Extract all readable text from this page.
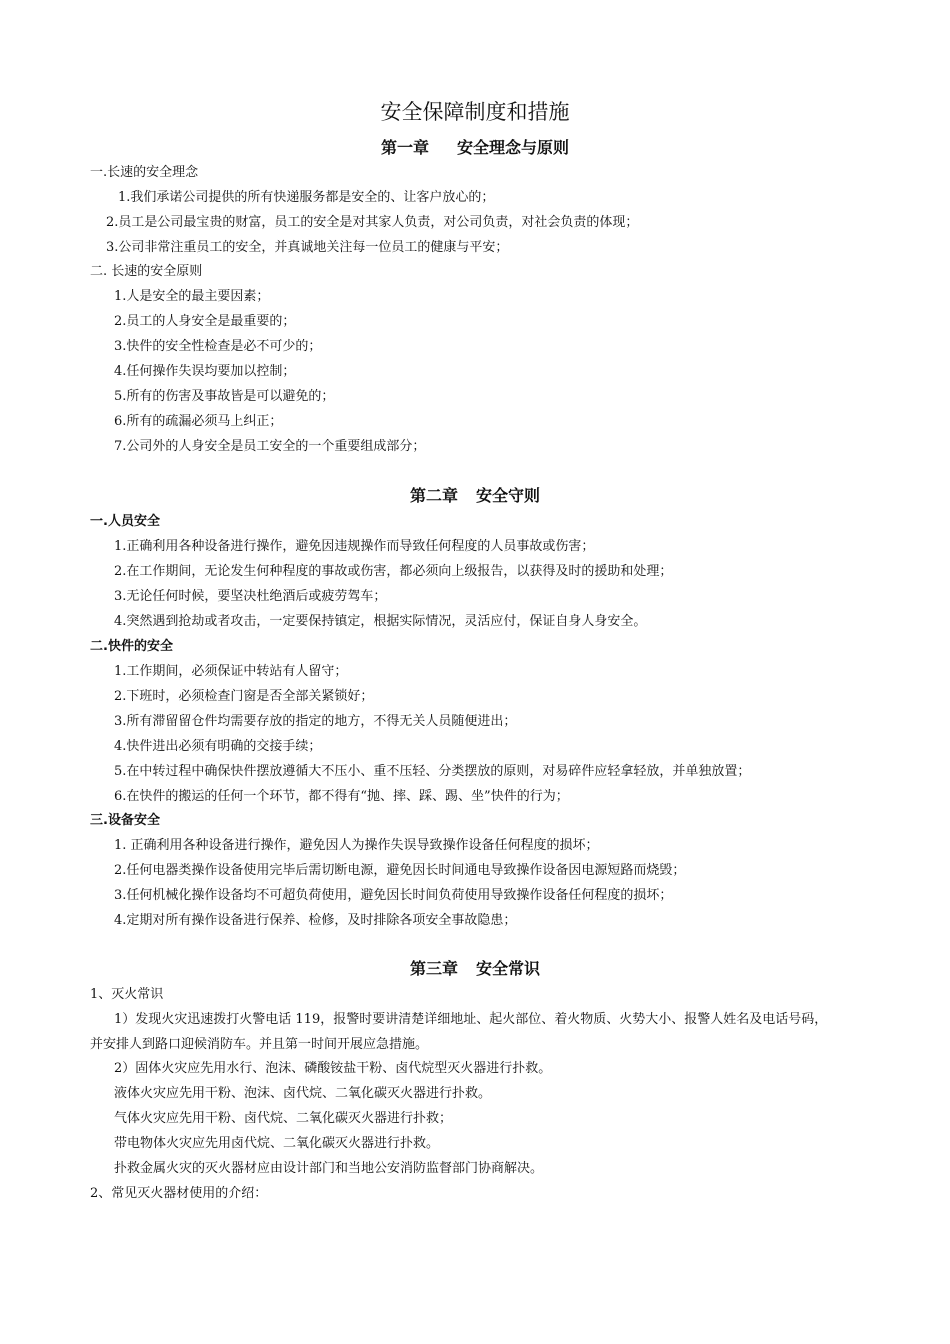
安全保障制度和措施
第一章 安全理念与原则
一.长速的安全理念
1.我们承诺公司提供的所有快递服务都是安全的、让客户放心的；
2.员工是公司最宝贵的财富，员工的安全是对其家人负责，对公司负责，对社会负责的体现；
3.公司非常注重员工的安全，并真诚地关注每一位员工的健康与平安；
二. 长速的安全原则
1.人是安全的最主要因素；
2.员工的人身安全是最重要的；
3.快件的安全性检查是必不可少的；
4.任何操作失误均要加以控制；
5.所有的伤害及事故皆是可以避免的；
6.所有的疏漏必须马上纠正；
7.公司外的人身安全是员工安全的一个重要组成部分；
第二章 安全守则
一.人员安全
1.正确利用各种设备进行操作，避免因违规操作而导致任何程度的人员事故或伤害；
2.在工作期间，无论发生何种程度的事故或伤害，都必须向上级报告，以获得及时的援助和处理；
3.无论任何时候，要坚决杜绝酒后或疲劳驾车；
4.突然遇到抢劫或者攻击，一定要保持镇定，根据实际情况，灵活应付，保证自身人身安全。
二.快件的安全
1.工作期间，必须保证中转站有人留守；
2.下班时，必须检查门窗是否全部关紧锁好；
3.所有滞留留仓件均需要存放的指定的地方，不得无关人员随便进出；
4.快件进出必须有明确的交接手续；
5.在中转过程中确保快件摆放遵循大不压小、重不压轻、分类摆放的原则，对易碎件应轻拿轻放，并单独放置；
6.在快件的搬运的任何一个环节，都不得有“抛、摔、踩、踢、坐”快件的行为；
三.设备安全
1. 正确利用各种设备进行操作，避免因人为操作失误导致操作设备任何程度的损坏；
2.任何电器类操作设备使用完毕后需切断电源，避免因长时间通电导致操作设备因电源短路而烧毁；
3.任何机械化操作设备均不可超负荷使用，避免因长时间负荷使用导致操作设备任何程度的损坏；
4.定期对所有操作设备进行保养、检修，及时排除各项安全事故隐患；
第三章 安全常识
1、灭火常识
1）发现火灾迅速拨打火警电话 119，报警时要讲清楚详细地址、起火部位、着火物质、火势大小、报警人姓名及电话号码，
并安排人到路口迎候消防车。并且第一时间开展应急措施。
2）固体火灾应先用水行、泡沫、磷酸铵盐干粉、卤代烷型灭火器进行扑救。
液体火灾应先用干粉、泡沫、卤代烷、二氧化碳灭火器进行扑救。
气体火灾应先用干粉、卤代烷、二氧化碳灭火器进行扑救；
带电物体火灾应先用卤代烷、二氧化碳灭火器进行扑救。
扑救金属火灾的灭火器材应由设计部门和当地公安消防监督部门协商解决。
2、常见灭火器材使用的介绍：
